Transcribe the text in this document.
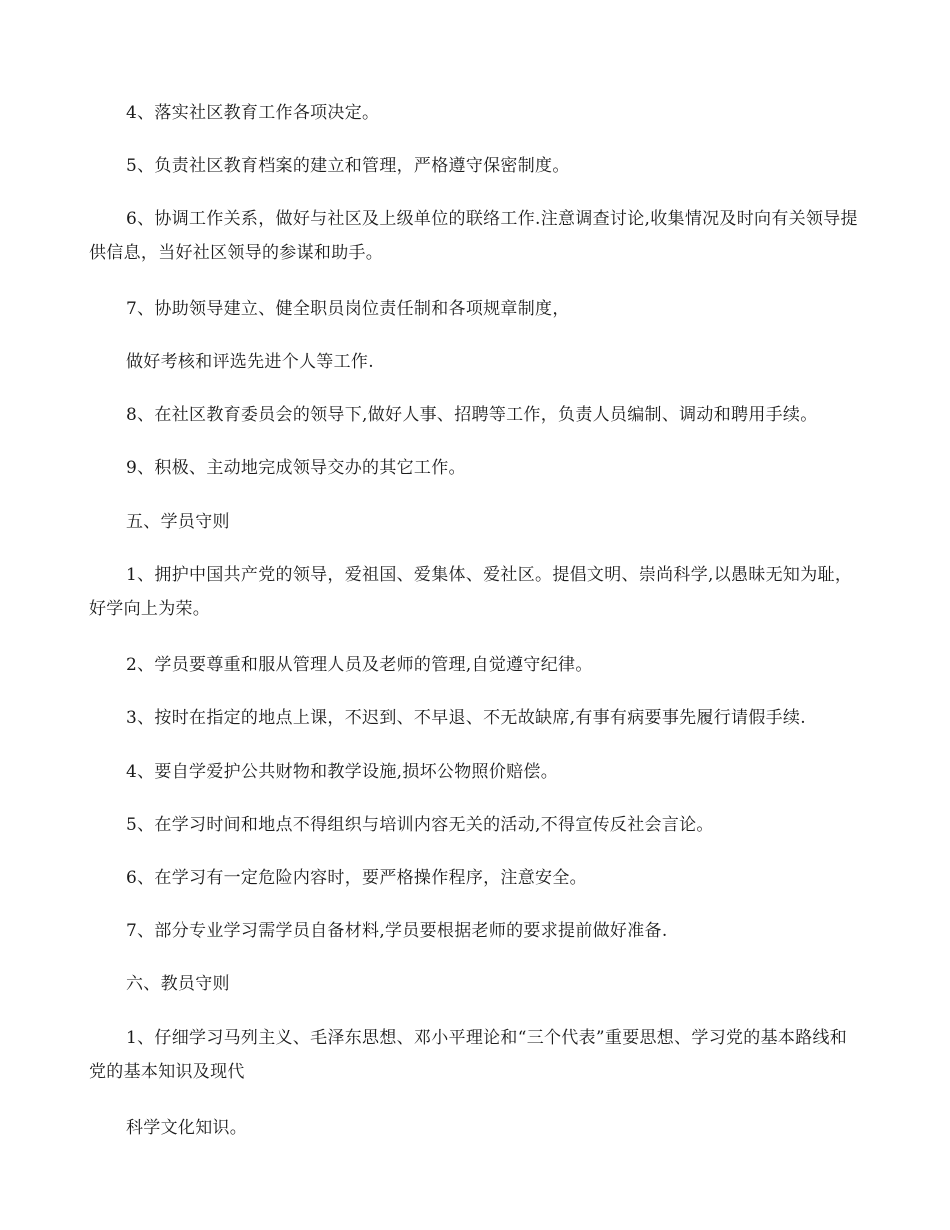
4、落实社区教育工作各项决定。

5、负责社区教育档案的建立和管理，严格遵守保密制度。

6、协调工作关系，做好与社区及上级单位的联络工作.注意调查讨论,收集情况及时向有关领导提供信息，当好社区领导的参谋和助手。

7、协助领导建立、健全职员岗位责任制和各项规章制度，

做好考核和评选先进个人等工作.

8、在社区教育委员会的领导下,做好人事、招聘等工作，负责人员编制、调动和聘用手续。

9、积极、主动地完成领导交办的其它工作。

五、学员守则

1、拥护中国共产党的领导，爱祖国、爱集体、爱社区。提倡文明、崇尚科学,以愚昧无知为耻，好学向上为荣。

2、学员要尊重和服从管理人员及老师的管理,自觉遵守纪律。

3、按时在指定的地点上课，不迟到、不早退、不无故缺席,有事有病要事先履行请假手续.

4、要自学爱护公共财物和教学设施,损坏公物照价赔偿。

5、在学习时间和地点不得组织与培训内容无关的活动,不得宣传反社会言论。

6、在学习有一定危险内容时，要严格操作程序，注意安全。

7、部分专业学习需学员自备材料,学员要根据老师的要求提前做好准备.

六、教员守则

1、仔细学习马列主义、毛泽东思想、邓小平理论和“三个代表”重要思想、学习党的基本路线和党的基本知识及现代

科学文化知识。
